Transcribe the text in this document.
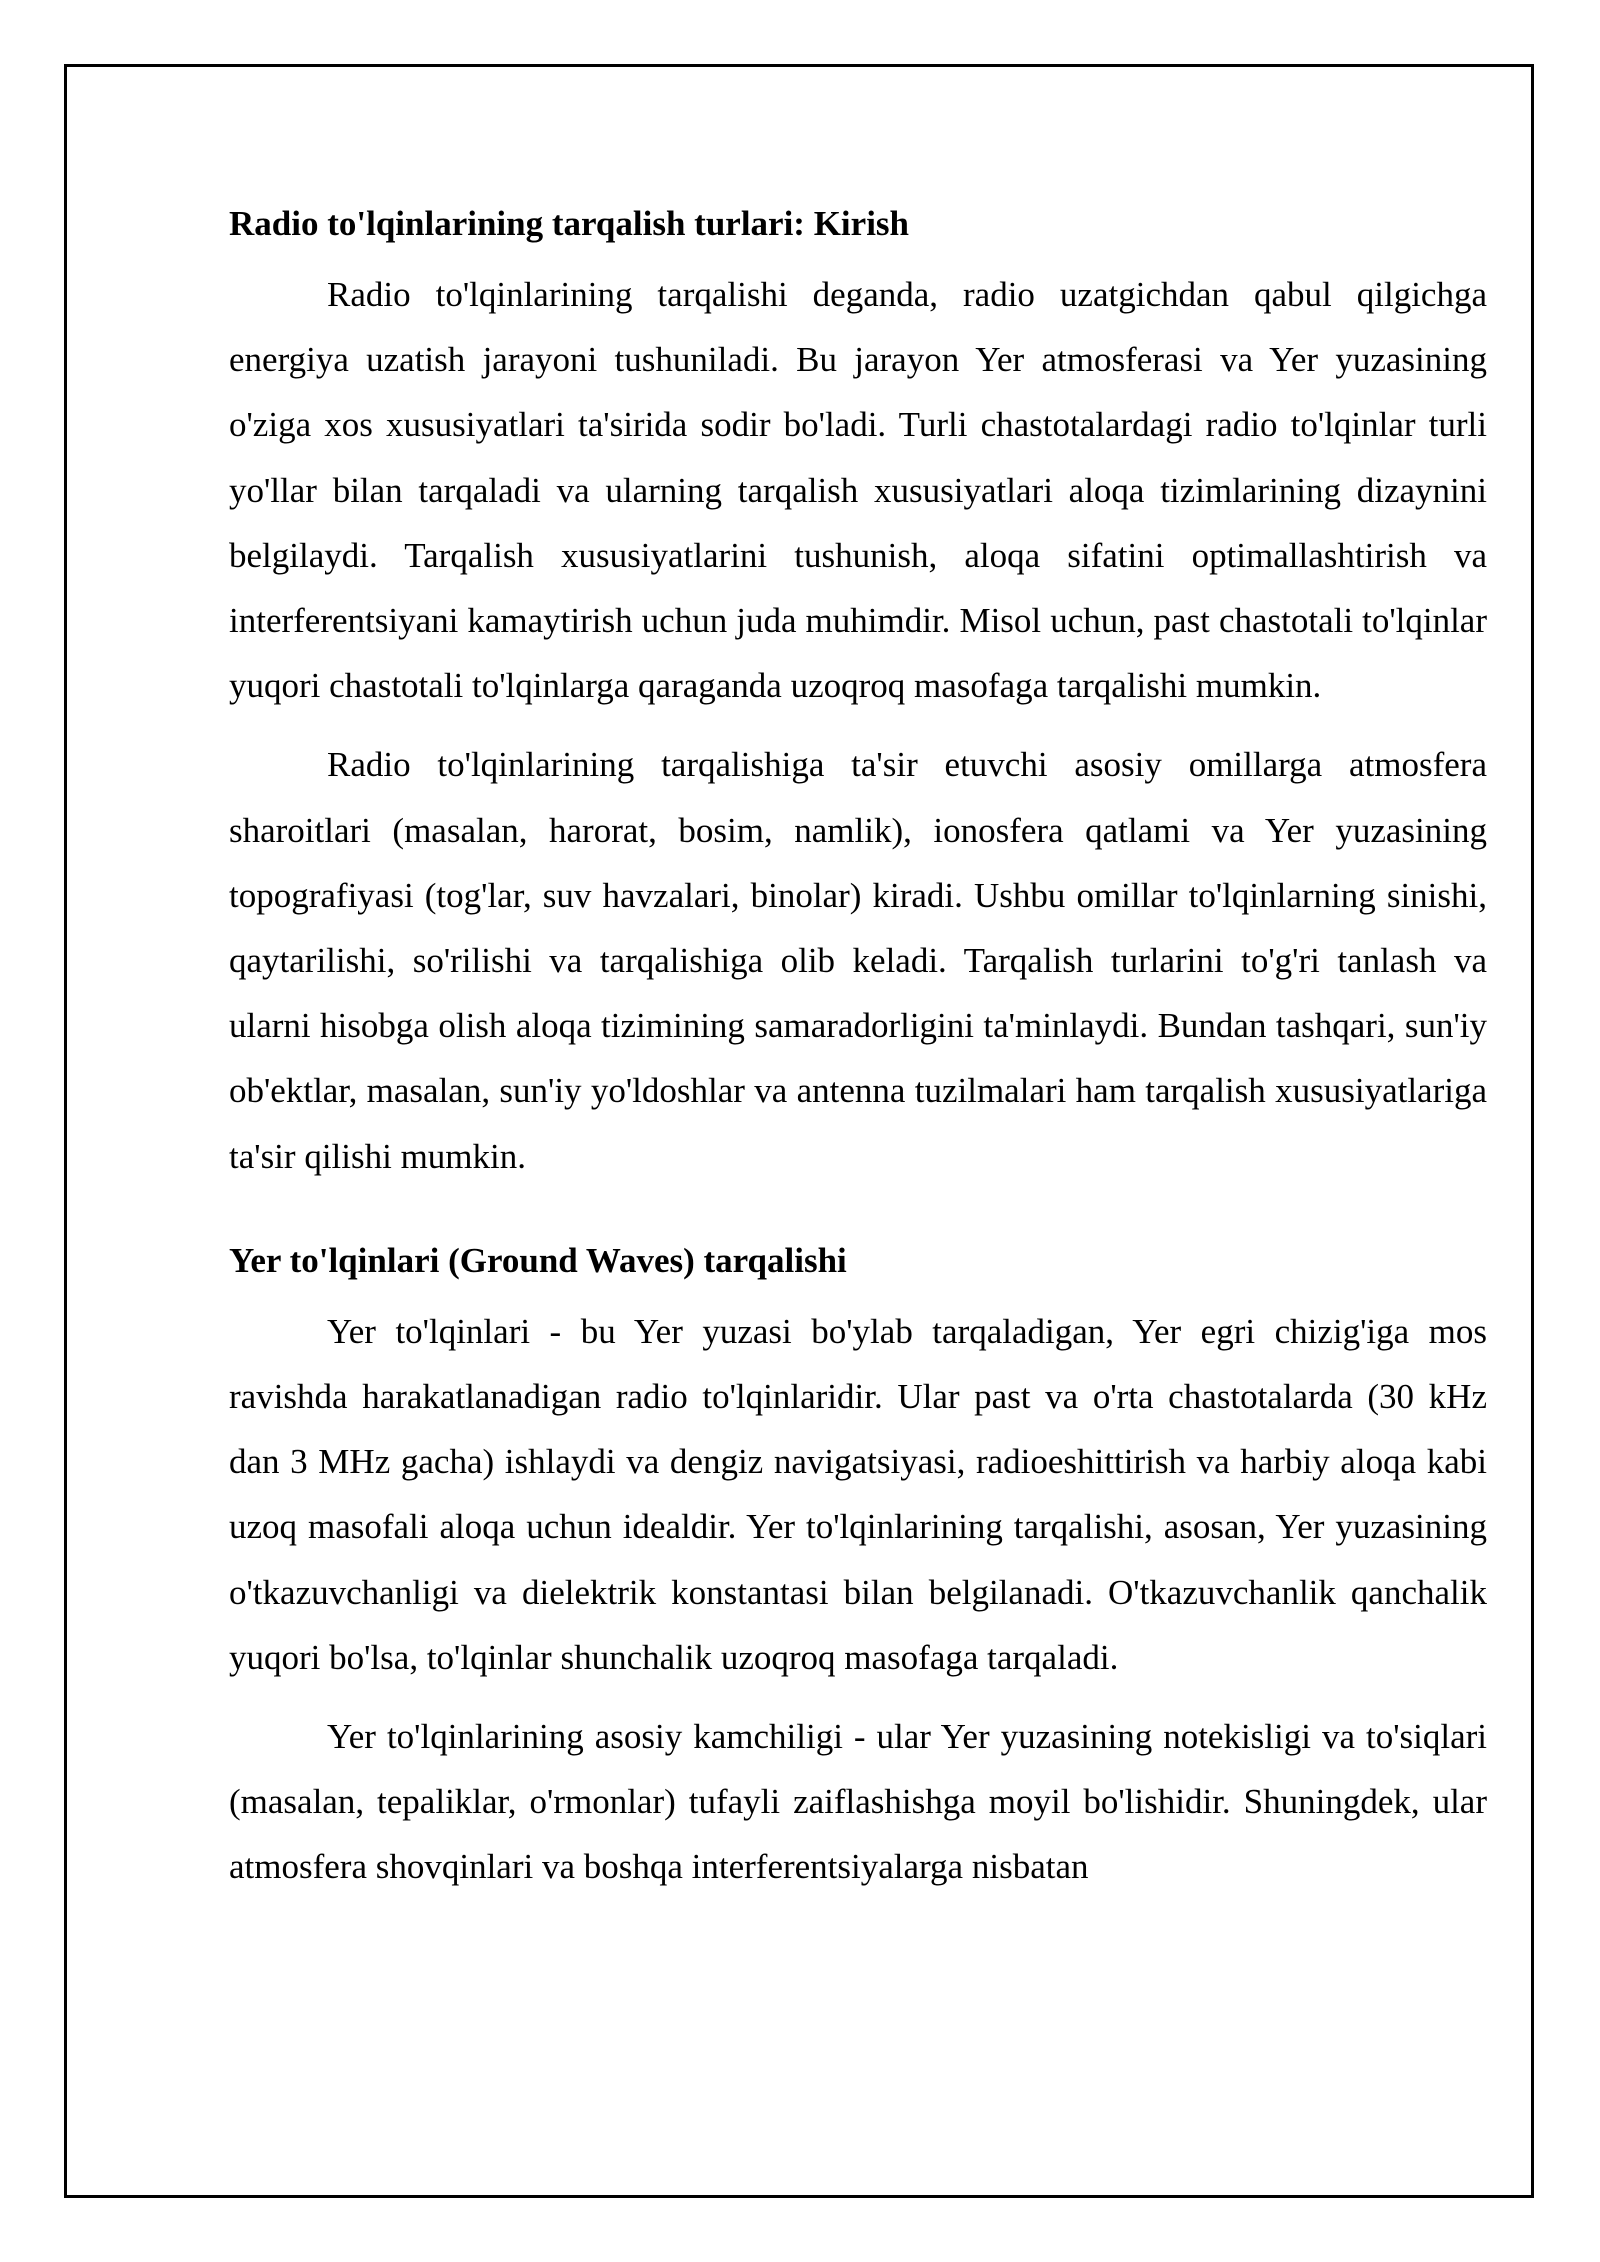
Radio to'lqinlarining tarqalish turlari: Kirish

Radio to'lqinlarining tarqalishi deganda, radio uzatgichdan qabul qilgichga energiya uzatish jarayoni tushuniladi. Bu jarayon Yer atmosferasi va Yer yuzasining o'ziga xos xususiyatlari ta'sirida sodir bo'ladi. Turli chastotalardagi radio to'lqinlar turli yo'llar bilan tarqaladi va ularning tarqalish xususiyatlari aloqa tizimlarining dizaynini belgilaydi. Tarqalish xususiyatlarini tushunish, aloqa sifatini optimallashtirish va interferentsiyani kamaytirish uchun juda muhimdir. Misol uchun, past chastotali to'lqinlar yuqori chastotali to'lqinlarga qaraganda uzoqroq masofaga tarqalishi mumkin.

Radio to'lqinlarining tarqalishiga ta'sir etuvchi asosiy omillarga atmosfera sharoitlari (masalan, harorat, bosim, namlik), ionosfera qatlami va Yer yuzasining topografiyasi (tog'lar, suv havzalari, binolar) kiradi. Ushbu omillar to'lqinlarning sinishi, qaytarilishi, so'rilishi va tarqalishiga olib keladi. Tarqalish turlarini to'g'ri tanlash va ularni hisobga olish aloqa tizimining samaradorligini ta'minlaydi. Bundan tashqari, sun'iy ob'ektlar, masalan, sun'iy yo'ldoshlar va antenna tuzilmalari ham tarqalish xususiyatlariga ta'sir qilishi mumkin.

Yer to'lqinlari (Ground Waves) tarqalishi

Yer to'lqinlari - bu Yer yuzasi bo'ylab tarqaladigan, Yer egri chizig'iga mos ravishda harakatlanadigan radio to'lqinlaridir. Ular past va o'rta chastotalarda (30 kHz dan 3 MHz gacha) ishlaydi va dengiz navigatsiyasi, radioeshittirish va harbiy aloqa kabi uzoq masofali aloqa uchun idealdir. Yer to'lqinlarining tarqalishi, asosan, Yer yuzasining o'tkazuvchanligi va dielektrik konstantasi bilan belgilanadi. O'tkazuvchanlik qanchalik yuqori bo'lsa, to'lqinlar shunchalik uzoqroq masofaga tarqaladi.

Yer to'lqinlarining asosiy kamchiligi - ular Yer yuzasining notekisligi va to'siqlari (masalan, tepaliklar, o'rmonlar) tufayli zaiflashishga moyil bo'lishidir. Shuningdek, ular atmosfera shovqinlari va boshqa interferentsiyalarga nisbatan
